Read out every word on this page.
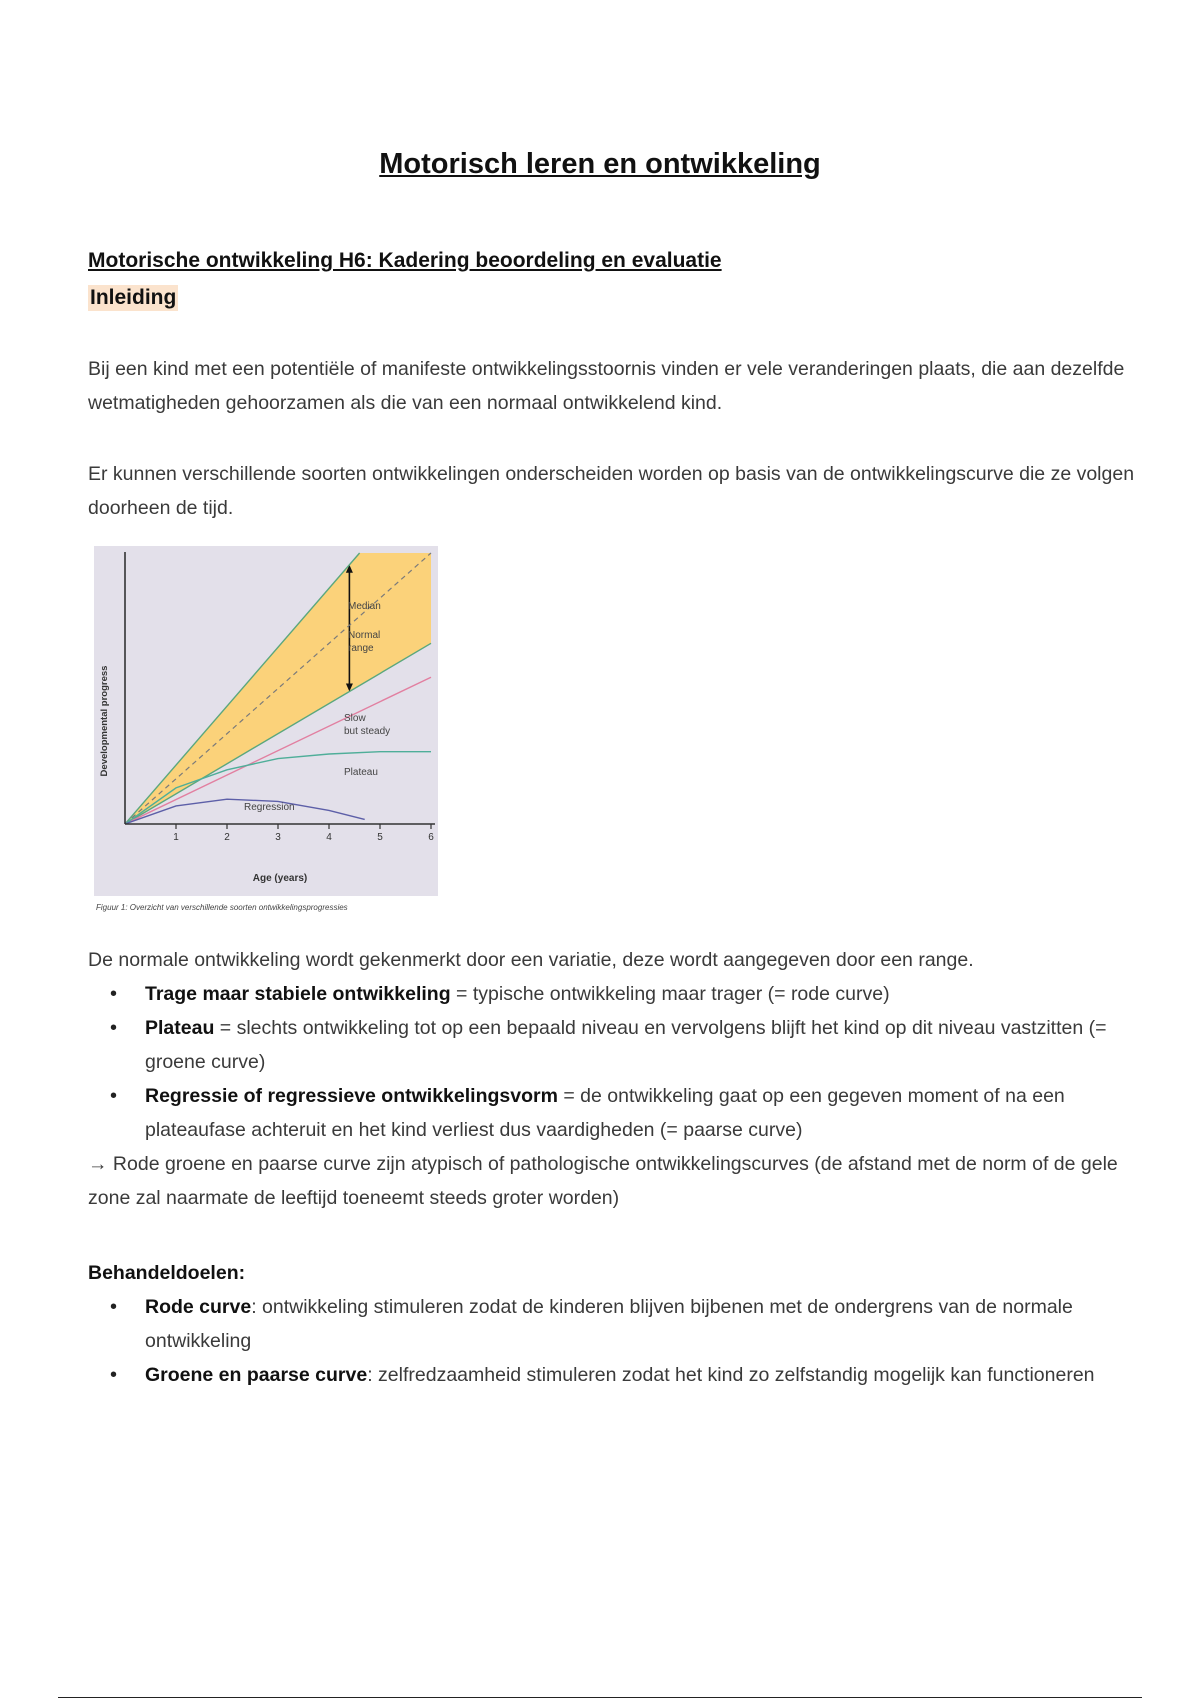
Motorisch leren en ontwikkeling
Motorische ontwikkeling H6: Kadering beoordeling en evaluatie
Inleiding

Bij een kind met een potentiële of manifeste ontwikkelingsstoornis vinden er vele veranderingen plaats, die aan dezelfde wetmatigheden gehoorzamen als die van een normaal ontwikkelend kind.

Er kunnen verschillende soorten ontwikkelingen onderscheiden worden op basis van de ontwikkelingscurve die ze volgen doorheen de tijd.

1	2	3	4	5	6
Developmental progress
Age (years)
Median
Normal
range
Slow
but steady
Plateau
Regression
Figuur 1: Overzicht van verschillende soorten ontwikkelingsprogressies

De normale ontwikkeling wordt gekenmerkt door een variatie, deze wordt aangegeven door een range.

• Trage maar stabiele ontwikkeling = typische ontwikkeling maar trager (= rode curve)
• Plateau = slechts ontwikkeling tot op een bepaald niveau en vervolgens blijft het kind op dit niveau vastzitten (= groene curve)
• Regressie of regressieve ontwikkelingsvorm = de ontwikkeling gaat op een gegeven moment of na een plateaufase achteruit en het kind verliest dus vaardigheden (= paarse curve)

→ Rode groene en paarse curve zijn atypisch of pathologische ontwikkelingscurves (de afstand met de norm of de gele zone zal naarmate de leeftijd toeneemt steeds groter worden)

Behandeldoelen:

• Rode curve: ontwikkeling stimuleren zodat de kinderen blijven bijbenen met de ondergrens van de normale ontwikkeling
• Groene en paarse curve: zelfredzaamheid stimuleren zodat het kind zo zelfstandig mogelijk kan functioneren
